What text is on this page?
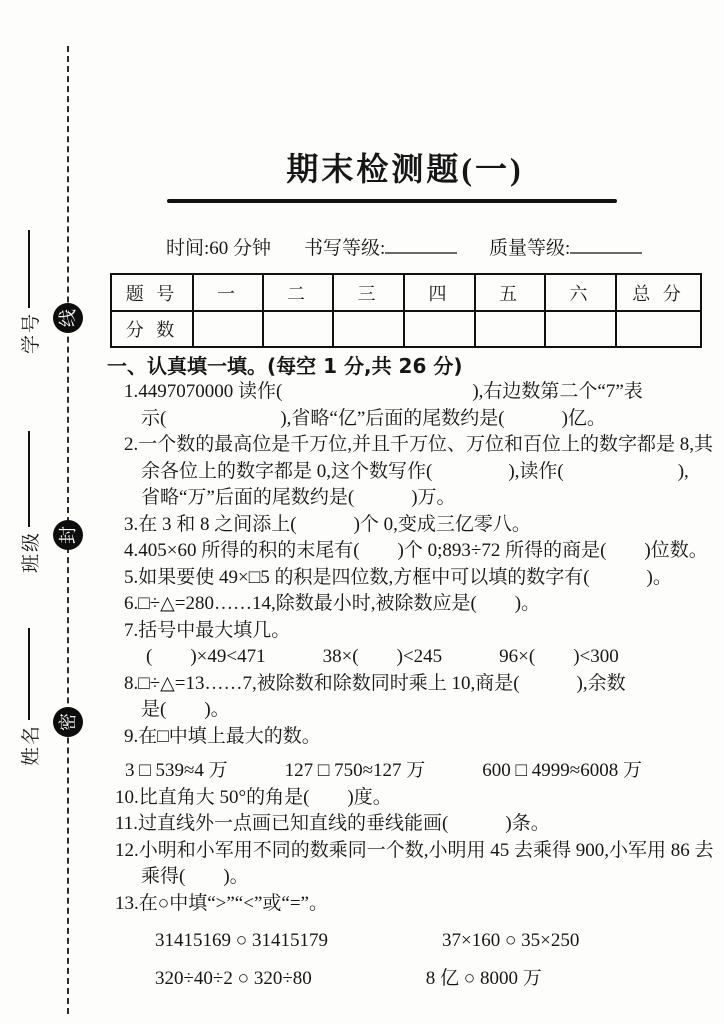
线
封
密
学号
班级
姓名
期末检测题(一)
时间:60 分钟 书写等级:	质量等级:
题 号	一	二	三	四	五	六	总 分
分 数							
一、认真填一填。(每空 1 分,共 26 分)
1.4497070000 读作(　　　　　　　　　　),右边数第二个“7”表
示(　　　　　　),省略“亿”后面的尾数约是(　　　)亿。
2.一个数的最高位是千万位,并且千万位、万位和百位上的数字都是 8,其
余各位上的数字都是 0,这个数写作(　　　　),读作(　　　　　　),
省略“万”后面的尾数约是(　　　)万。
3.在 3 和 8 之间添上(　　　)个 0,变成三亿零八。
4.405×60 所得的积的末尾有(　　)个 0;893÷72 所得的商是(　　)位数。
5.如果要使 49×□5 的积是四位数,方框中可以填的数字有(　　　)。
6.□÷△=280……14,除数最小时,被除数应是(　　)。
7.括号中最大填几。
(　　)×49<471　　　38×(　　)<245　　　96×(　　)<300
8.□÷△=13……7,被除数和除数同时乘上 10,商是(　　　),余数
是(　　)。
9.在□中填上最大的数。
3 □ 539≈4 万　　　127 □ 750≈127 万　　　600 □ 4999≈6008 万
10.比直角大 50°的角是(　　)度。
11.过直线外一点画已知直线的垂线能画(　　　)条。
12.小明和小军用不同的数乘同一个数,小明用 45 去乘得 900,小军用 86 去
乘得(　　)。
13.在○中填“>”“<”或“=”。
31415169 ○ 31415179　　　　　　37×160 ○ 35×250
320÷40÷2 ○ 320÷80　　　　　　8 亿 ○ 8000 万
